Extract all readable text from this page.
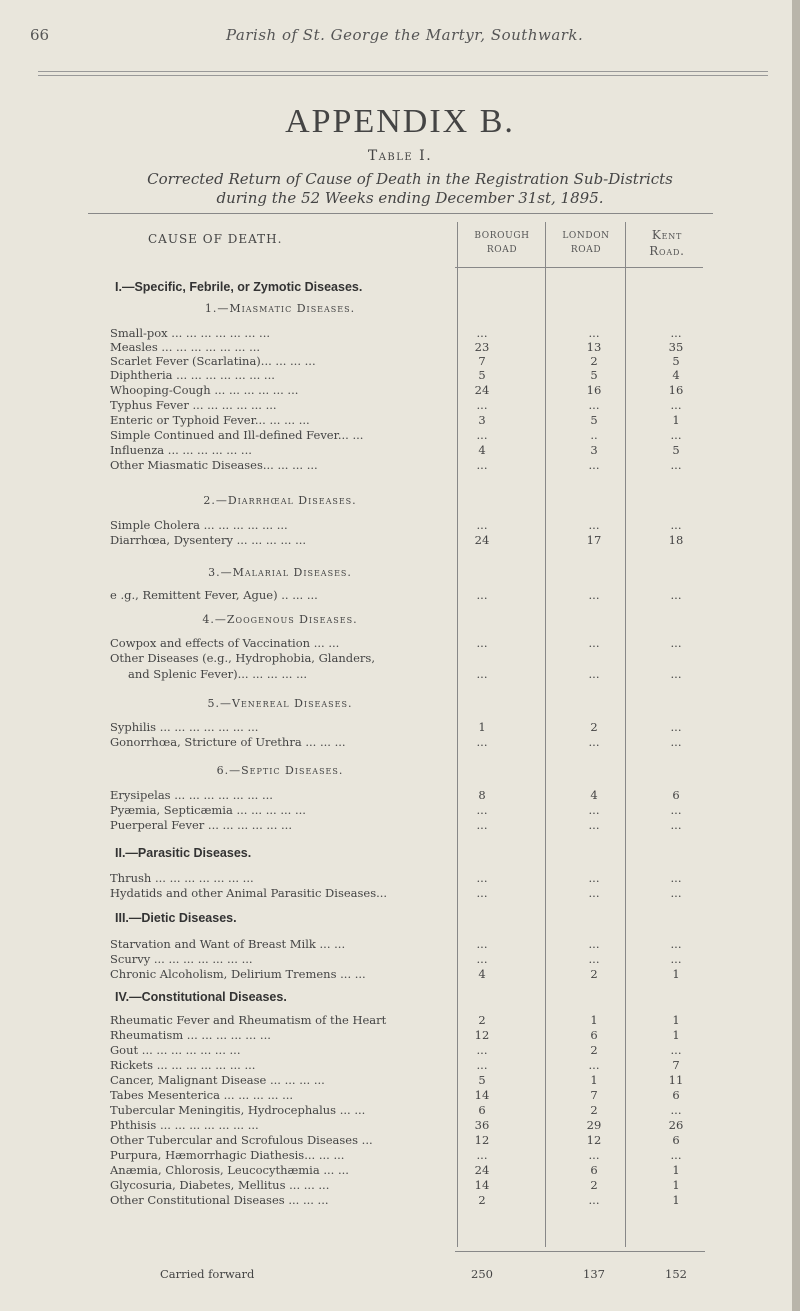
66	Parish of St. George the Martyr, Southwark.
APPENDIX B.
Table I.
Corrected Return of Cause of Death in the Registration Sub-Districts
during the 52 Weeks ending December 31st, 1895.
CAUSE OF DEATH.	BOROUGH
ROAD
LONDON
ROAD
Kent
Road.
I.—Specific, Febrile, or Zymotic Diseases.
1.—Miasmatic Diseases.
2.—Diarrhœal Diseases.
3.—Malarial Diseases.
4.—Zoogenous Diseases.
5.—Venereal Diseases.
6.—Septic Diseases.
II.—Parasitic Diseases.
III.—Dietic Diseases.
IV.—Constitutional Diseases.
Small-pox ... ... ... ... ... ... ...	...	...	...
Measles ... ... ... ... ... ... ...	23	13	35
Scarlet Fever (Scarlatina)... ... ... ...	7	2	5
Diphtheria ... ... ... ... ... ... ...	5	5	4
Whooping-Cough ... ... ... ... ... ...	24	16	16
Typhus Fever ... ... ... ... ... ...	...	...	...
Enteric or Typhoid Fever... ... ... ...	3	5	1
Simple Continued and Ill-defined Fever... ...	...	..	...
Influenza ... ... ... ... ... ...	4	3	5
Other Miasmatic Diseases... ... ... ...	...	...	...
Simple Cholera ... ... ... ... ... ...	...	...	...
Diarrhœa, Dysentery ... ... ... ... ...	24	17	18
e .g., Remittent Fever, Ague) .. ... ...	...	...	...
Cowpox and effects of Vaccination ... ...	...	...	...
Other Diseases (e.g., Hydrophobia, Glanders,
and Splenic Fever)... ... ... ... ...	...	...	...
Syphilis ... ... ... ... ... ... ...	1	2	...
Gonorrhœa, Stricture of Urethra ... ... ...	...	...	...
Erysipelas ... ... ... ... ... ... ...	8	4	6
Pyæmia, Septicæmia ... ... ... ... ...	...	...	...
Puerperal Fever ... ... ... ... ... ...	...	...	...
Thrush ... ... ... ... ... ... ...	...	...	...
Hydatids and other Animal Parasitic Diseases...	...	...	...
Starvation and Want of Breast Milk ... ...	...	...	...
Scurvy ... ... ... ... ... ... ...	...	...	...
Chronic Alcoholism, Delirium Tremens ... ...	4	2	1
Rheumatic Fever and Rheumatism of the Heart	2	1	1
Rheumatism ... ... ... ... ... ...	12	6	1
Gout ... ... ... ... ... ... ...	...	2	...
Rickets ... ... ... ... ... ... ...	...	...	7
Cancer, Malignant Disease ... ... ... ...	5	1	11
Tabes Mesenterica ... ... ... ... ...	14	7	6
Tubercular Meningitis, Hydrocephalus ... ...	6	2	...
Phthisis ... ... ... ... ... ... ...	36	29	26
Other Tubercular and Scrofulous Diseases ...	12	12	6
Purpura, Hæmorrhagic Diathesis... ... ...	...	...	...
Anæmia, Chlorosis, Leucocythæmia ... ...	24	6	1
Glycosuria, Diabetes, Mellitus ... ... ...	14	2	1
Other Constitutional Diseases ... ... ...	2	...	1
Carried forward	250	137	152
